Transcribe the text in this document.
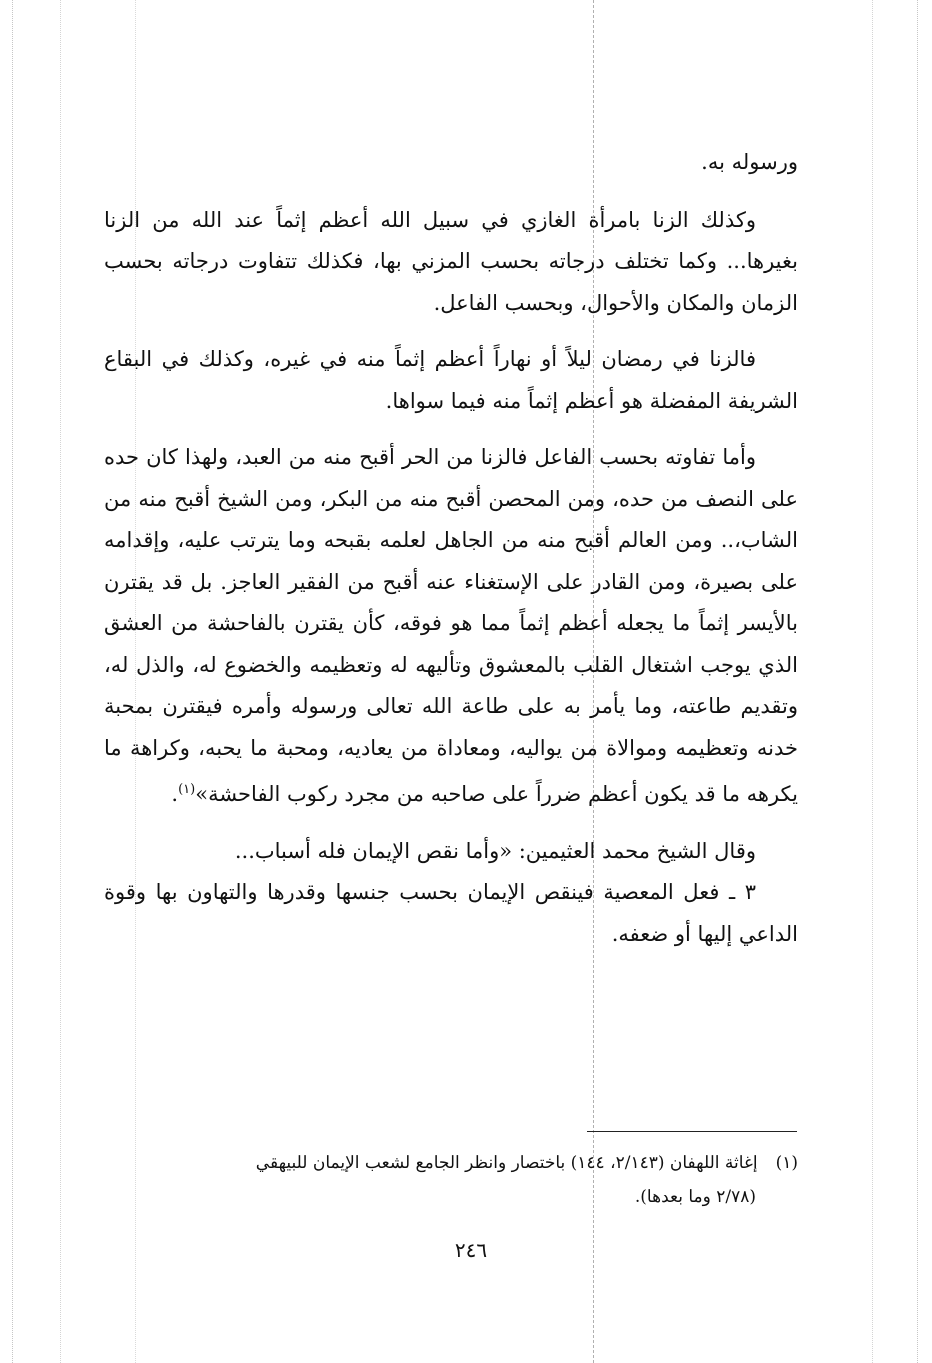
ورسوله به.

وكذلك الزنا بامرأة الغازي في سبيل الله أعظم إثماً عند الله من الزنا بغيرها... وكما تختلف درجاته بحسب المزني بها، فكذلك تتفاوت درجاته بحسب الزمان والمكان والأحوال، وبحسب الفاعل.

فالزنا في رمضان ليلاً أو نهاراً أعظم إثماً منه في غيره، وكذلك في البقاع الشريفة المفضلة هو أعظم إثماً منه فيما سواها.

وأما تفاوته بحسب الفاعل فالزنا من الحر أقبح منه من العبد، ولهذا كان حده على النصف من حده، ومن المحصن أقبح منه من البكر، ومن الشيخ أقبح منه من الشاب،.. ومن العالم أقبح منه من الجاهل لعلمه بقبحه وما يترتب عليه، وإقدامه على بصيرة، ومن القادر على الإستغناء عنه أقبح من الفقير العاجز. بل قد يقترن بالأيسر إثماً ما يجعله أعظم إثماً مما هو فوقه، كأن يقترن بالفاحشة من العشق الذي يوجب اشتغال القلب بالمعشوق وتأليهه له وتعظيمه والخضوع له، والذل له، وتقديم طاعته، وما يأمر به على طاعة الله تعالى ورسوله وأمره فيقترن بمحبة خدنه وتعظيمه وموالاة من يواليه، ومعاداة من يعاديه، ومحبة ما يحبه، وكراهة ما يكرهه ما قد يكون أعظم ضرراً على صاحبه من مجرد ركوب الفاحشة»$^{(١)}$.

وقال الشيخ محمد العثيمين: «وأما نقص الإيمان فله أسباب...

٣ ـ فعل المعصية فينقص الإيمان بحسب جنسها وقدرها والتهاون بها وقوة الداعي إليها أو ضعفه.

(١)إغاثة اللهفان (٢/١٤٣، ١٤٤) باختصار وانظر الجامع لشعب الإيمان للبيهقي

(٢/٧٨ وما بعدها).

٢٤٦
